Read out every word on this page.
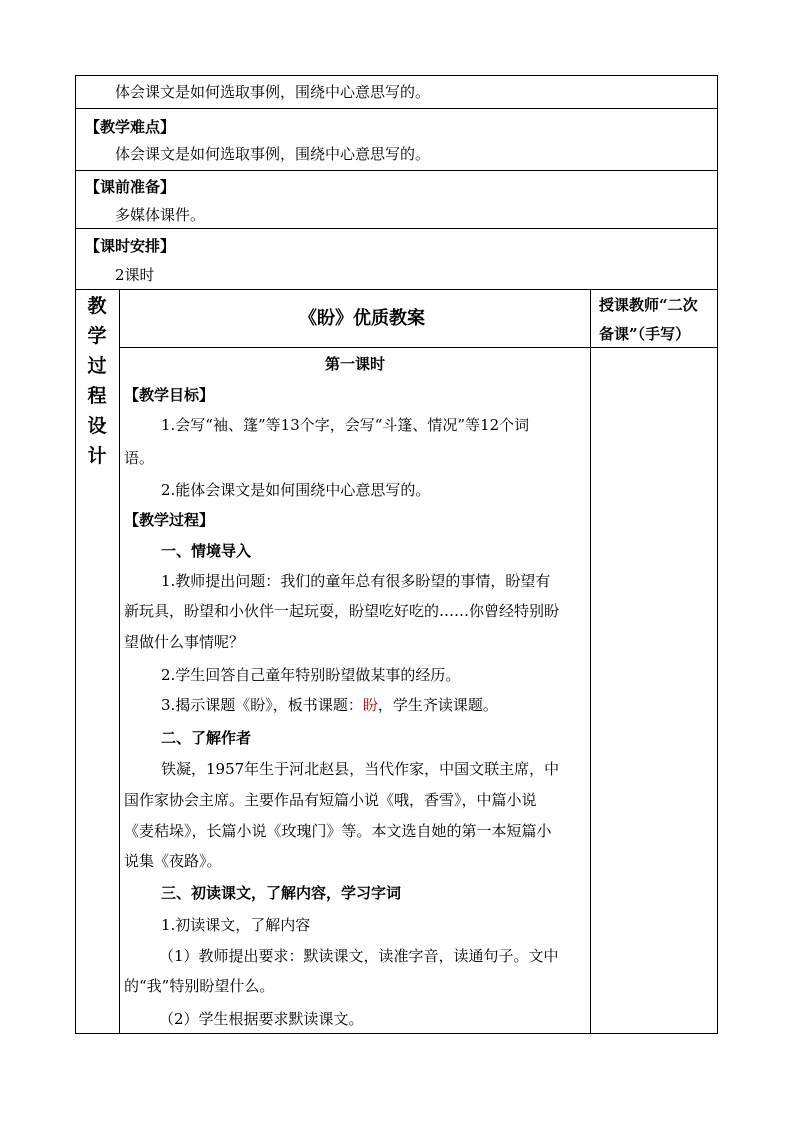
体会课文是如何选取事例，围绕中心意思写的。
【教学难点】
体会课文是如何选取事例，围绕中心意思写的。
【课前准备】
多媒体课件。
【课时安排】
2课时
教
学
过
程
设
计
《盼》优质教案
授课教师“二次
备课”（手写）
第一课时
【教学目标】
1.会写“袖、篷”等13个字，会写“斗篷、情况”等12个词
语。
2.能体会课文是如何围绕中心意思写的。
【教学过程】
一、情境导入
1.教师提出问题：我们的童年总有很多盼望的事情，盼望有
新玩具，盼望和小伙伴一起玩耍，盼望吃好吃的……你曾经特别盼
望做什么事情呢？
2.学生回答自己童年特别盼望做某事的经历。
3.揭示课题《盼》，板书课题：盼，学生齐读课题。
二、了解作者
铁凝，1957年生于河北赵县，当代作家，中国文联主席，中
国作家协会主席。主要作品有短篇小说《哦，香雪》，中篇小说
《麦秸垛》，长篇小说《玫瑰门》等。本文选自她的第一本短篇小
说集《夜路》。
三、初读课文，了解内容，学习字词
1.初读课文，了解内容
（1）教师提出要求：默读课文，读准字音，读通句子。文中
的“我”特别盼望什么。
（2）学生根据要求默读课文。
